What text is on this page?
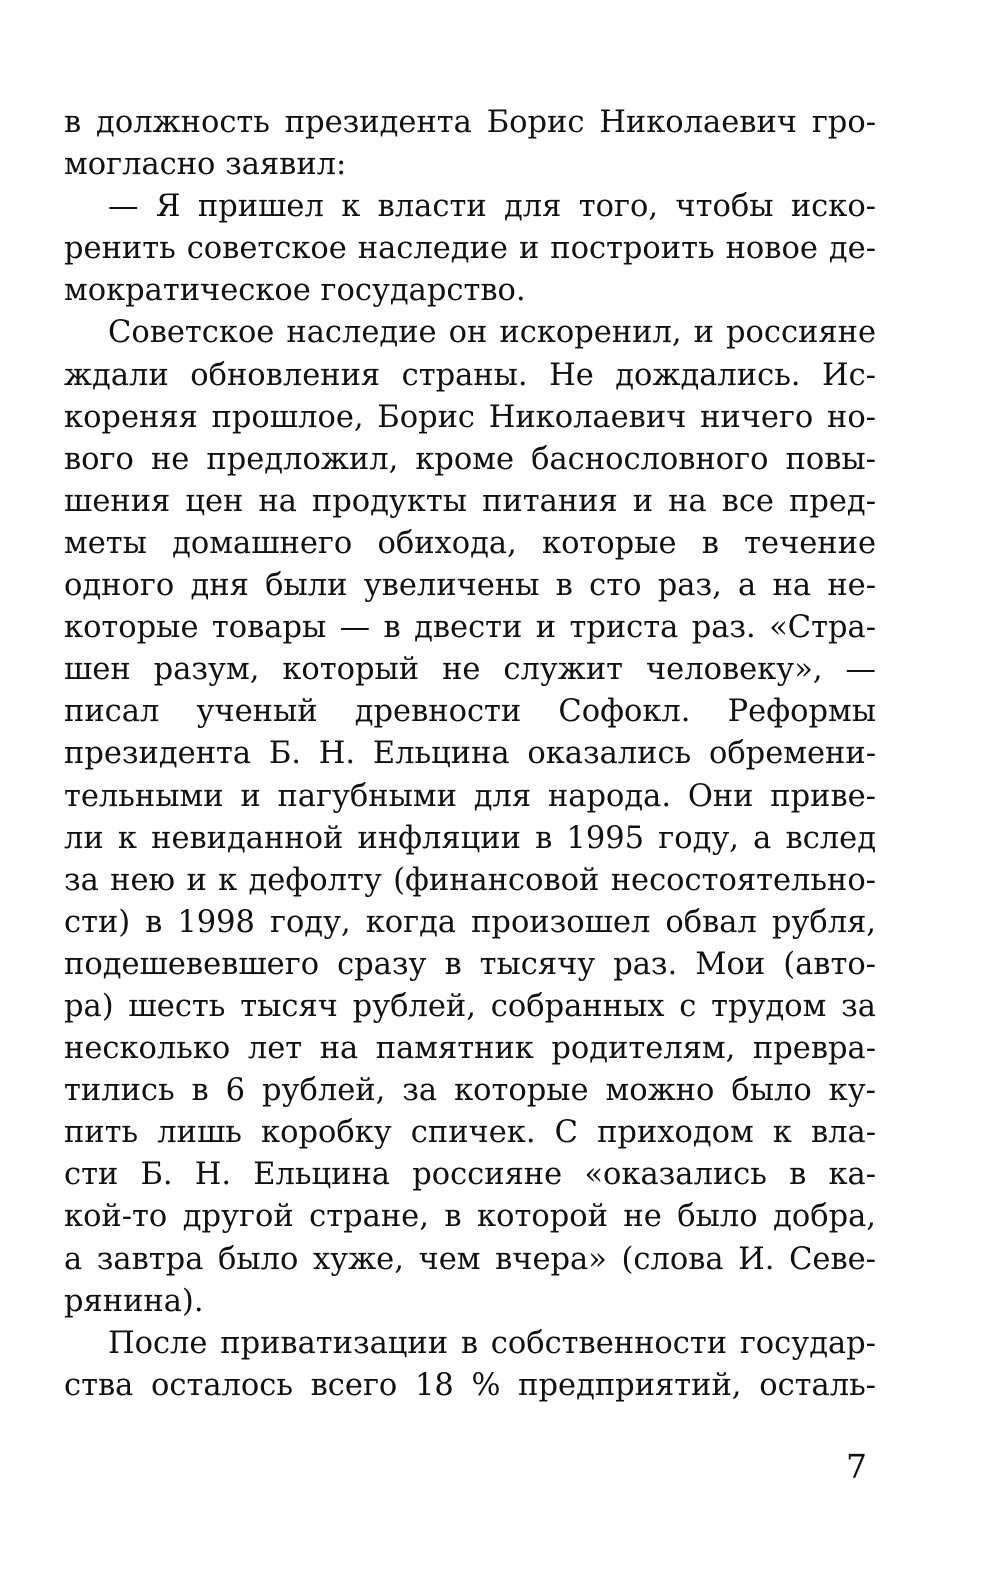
в должность президента Борис Николаевич гро-
могласно заявил:
— Я пришел к власти для того, чтобы иско-
ренить советское наследие и построить новое де-
мократическое государство.
Советское наследие он искоренил, и россияне
ждали обновления страны. Не дождались. Ис-
кореняя прошлое, Борис Николаевич ничего но-
вого не предложил, кроме баснословного повы-
шения цен на продукты питания и на все пред-
меты домашнего обихода, которые в течение
одного дня были увеличены в сто раз, а на не-
которые товары — в двести и триста раз. «Стра-
шен разум, который не служит человеку», —
писал ученый древности Софокл. Реформы
президента Б. Н. Ельцина оказались обремени-
тельными и пагубными для народа. Они приве-
ли к невиданной инфляции в 1995 году, а вслед
за нею и к дефолту (финансовой несостоятельно-
сти) в 1998 году, когда произошел обвал рубля,
подешевевшего сразу в тысячу раз. Мои (авто-
ра) шесть тысяч рублей, собранных с трудом за
несколько лет на памятник родителям, превра-
тились в 6 рублей, за которые можно было ку-
пить лишь коробку спичек. С приходом к вла-
сти Б. Н. Ельцина россияне «оказались в ка-
кой-то другой стране, в которой не было добра,
а завтра было хуже, чем вчера» (слова И. Севе-
рянина).
После приватизации в собственности государ-
ства осталось всего 18 % предприятий, осталь-
7
